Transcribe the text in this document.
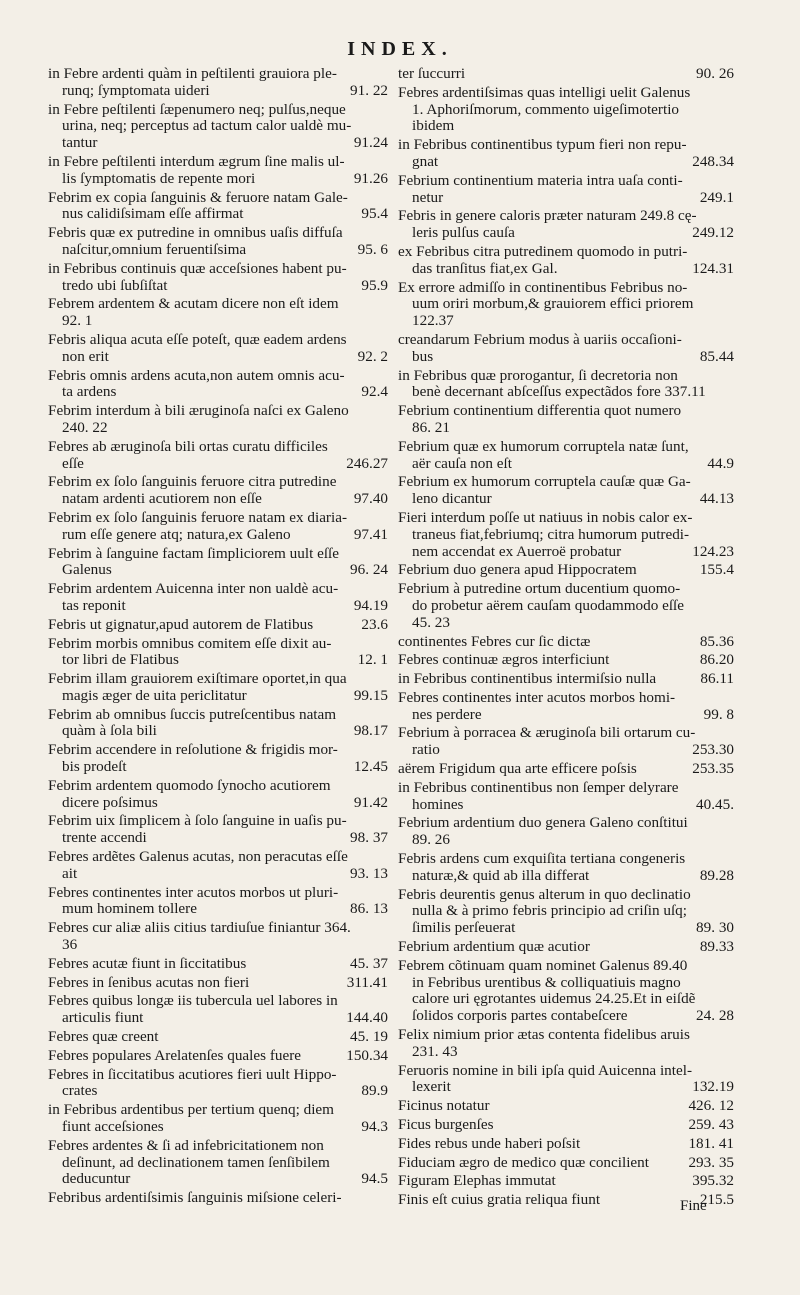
INDEX.
in Febre ardenti quàm in peſtilenti grauiora ple-
runq; ſymptomata uideri	91. 22
in Febre peſtilenti ſæpenumero neq; pulſus,neque
urina, neq; perceptus ad tactum calor ualdè mu-
tantur	91.24
in Febre peſtilenti interdum ægrum ſine malis ul-
lis ſymptomatis de repente mori	91.26
Febrim ex copia ſanguinis & feruore natam Gale-
nus calidiſsimam eſſe affirmat	95.4
Febris quæ ex putredine in omnibus uaſis diffuſa
naſcitur,omnium feruentiſsima	95. 6
in Febribus continuis quæ acceſsiones habent pu-
tredo ubi ſubſiſtat	95.9
Febrem ardentem & acutam dicere non eſt idem
92. 1
Febris aliqua acuta eſſe poteſt, quæ eadem ardens
non erit	92. 2
Febris omnis ardens acuta,non autem omnis acu-
ta ardens	92.4
Febrim interdum à bili æruginoſa naſci ex Galeno
240. 22
Febres ab æruginoſa bili ortas curatu difficiles
eſſe	246.27
Febrim ex ſolo ſanguinis feruore citra putredine
natam ardenti acutiorem non eſſe	97.40
Febrim ex ſolo ſanguinis feruore natam ex diaria-
rum eſſe genere atq; natura,ex Galeno	97.41
Febrim à ſanguine factam ſimpliciorem uult eſſe
Galenus	96. 24
Febrim ardentem Auicenna inter non ualdè acu-
tas reponit	94.19
Febris ut gignatur,apud autorem de Flatibus	23.6
Febrim morbis omnibus comitem eſſe dixit au-
tor libri de Flatibus	12. 1
Febrim illam grauiorem exiſtimare oportet,in qua
magis æger de uita periclitatur	99.15
Febrim ab omnibus ſuccis putreſcentibus natam
quàm à ſola bili	98.17
Febrim accendere in reſolutione & frigidis mor-
bis prodeſt	12.45
Febrim ardentem quomodo ſynocho acutiorem
dicere poſsimus	91.42
Febrim uix ſimplicem à ſolo ſanguine in uaſis pu-
trente accendi	98. 37
Febres ardẽtes Galenus acutas, non peracutas eſſe
ait	93. 13
Febres continentes inter acutos morbos ut pluri-
mum hominem tollere	86. 13
Febres cur aliæ aliis citius tardiuſue finiantur 364.
36
Febres acutæ fiunt in ſiccitatibus	45. 37
Febres in ſenibus acutas non fieri	311.41
Febres quibus longæ iis tubercula uel labores in
articulis fiunt	144.40
Febres quæ creent	45. 19
Febres populares Arelatenſes quales fuere	150.34
Febres in ſiccitatibus acutiores fieri uult Hippo-
crates	89.9
in Febribus ardentibus per tertium quenq; diem
fiunt acceſsiones	94.3
Febres ardentes & ſi ad infebricitationem non
deſinunt, ad declinationem tamen ſenſibilem
deducuntur	94.5
Febribus ardentiſsimis ſanguinis miſsione celeri-
ter ſuccurri	90. 26
Febres ardentiſsimas quas intelligi uelit Galenus
1. Aphoriſmorum, commento uigeſimotertio
ibidem
in Febribus continentibus typum fieri non repu-
gnat	248.34
Febrium continentium materia intra uaſa conti-
netur	249.1
Febris in genere caloris præter naturam 249.8 cę-
leris pulſus cauſa	249.12
ex Febribus citra putredinem quomodo in putri-
das tranſitus fiat,ex Gal.	124.31
Ex errore admiſſo in continentibus Febribus no-
uum oriri morbum,& grauiorem effici priorem
122.37
creandarum Febrium modus à uariis occaſioni-
bus	85.44
in Febribus quæ prorogantur, ſi decretoria non
benè decernant abſceſſus expectãdos fore 337.11
Febrium continentium differentia quot numero
86. 21
Febrium quæ ex humorum corruptela natæ ſunt,
aër cauſa non eſt	44.9
Febrium ex humorum corruptela cauſæ quæ Ga-
leno dicantur	44.13
Fieri interdum poſſe ut natiuus in nobis calor ex-
traneus fiat,febriumq; citra humorum putredi-
nem accendat ex Auerroë probatur	124.23
Febrium duo genera apud Hippocratem	155.4
Febrium à putredine ortum ducentium quomo-
do probetur aërem cauſam quodammodo eſſe
45. 23
continentes Febres cur ſic dictæ	85.36
Febres continuæ ægros interficiunt	86.20
in Febribus continentibus intermiſsio nulla	86.11
Febres continentes inter acutos morbos homi-
nes perdere	99. 8
Febrium à porracea & æruginoſa bili ortarum cu-
ratio	253.30
aërem Frigidum qua arte efficere poſsis	253.35
in Febribus continentibus non ſemper delyrare
homines	40.45.
Febrium ardentium duo genera Galeno conſtitui
89. 26
Febris ardens cum exquiſita tertiana congeneris
naturæ,& quid ab illa differat	89.28
Febris deurentis genus alterum in quo declinatio
nulla & à primo febris principio ad criſin uſq;
ſimilis perſeuerat	89. 30
Febrium ardentium quæ acutior	89.33
Febrem cõtinuam quam nominet Galenus 89.40
in Febribus urentibus & colliquatiuis magno
calore uri ęgrotantes uidemus 24.25.Et in eiſdẽ
ſolidos corporis partes contabeſcere	24. 28
Felix nimium prior ætas contenta fidelibus aruis
231. 43
Feruoris nomine in bili ipſa quid Auicenna intel-
lexerit	132.19
Ficinus notatur	426. 12
Ficus burgenſes	259. 43
Fides rebus unde haberi poſsit	181. 41
Fiduciam ægro de medico quæ concilient	293. 35
Figuram Elephas immutat	395.32
Finis eſt cuius gratia reliqua fiunt	215.5
Fine
